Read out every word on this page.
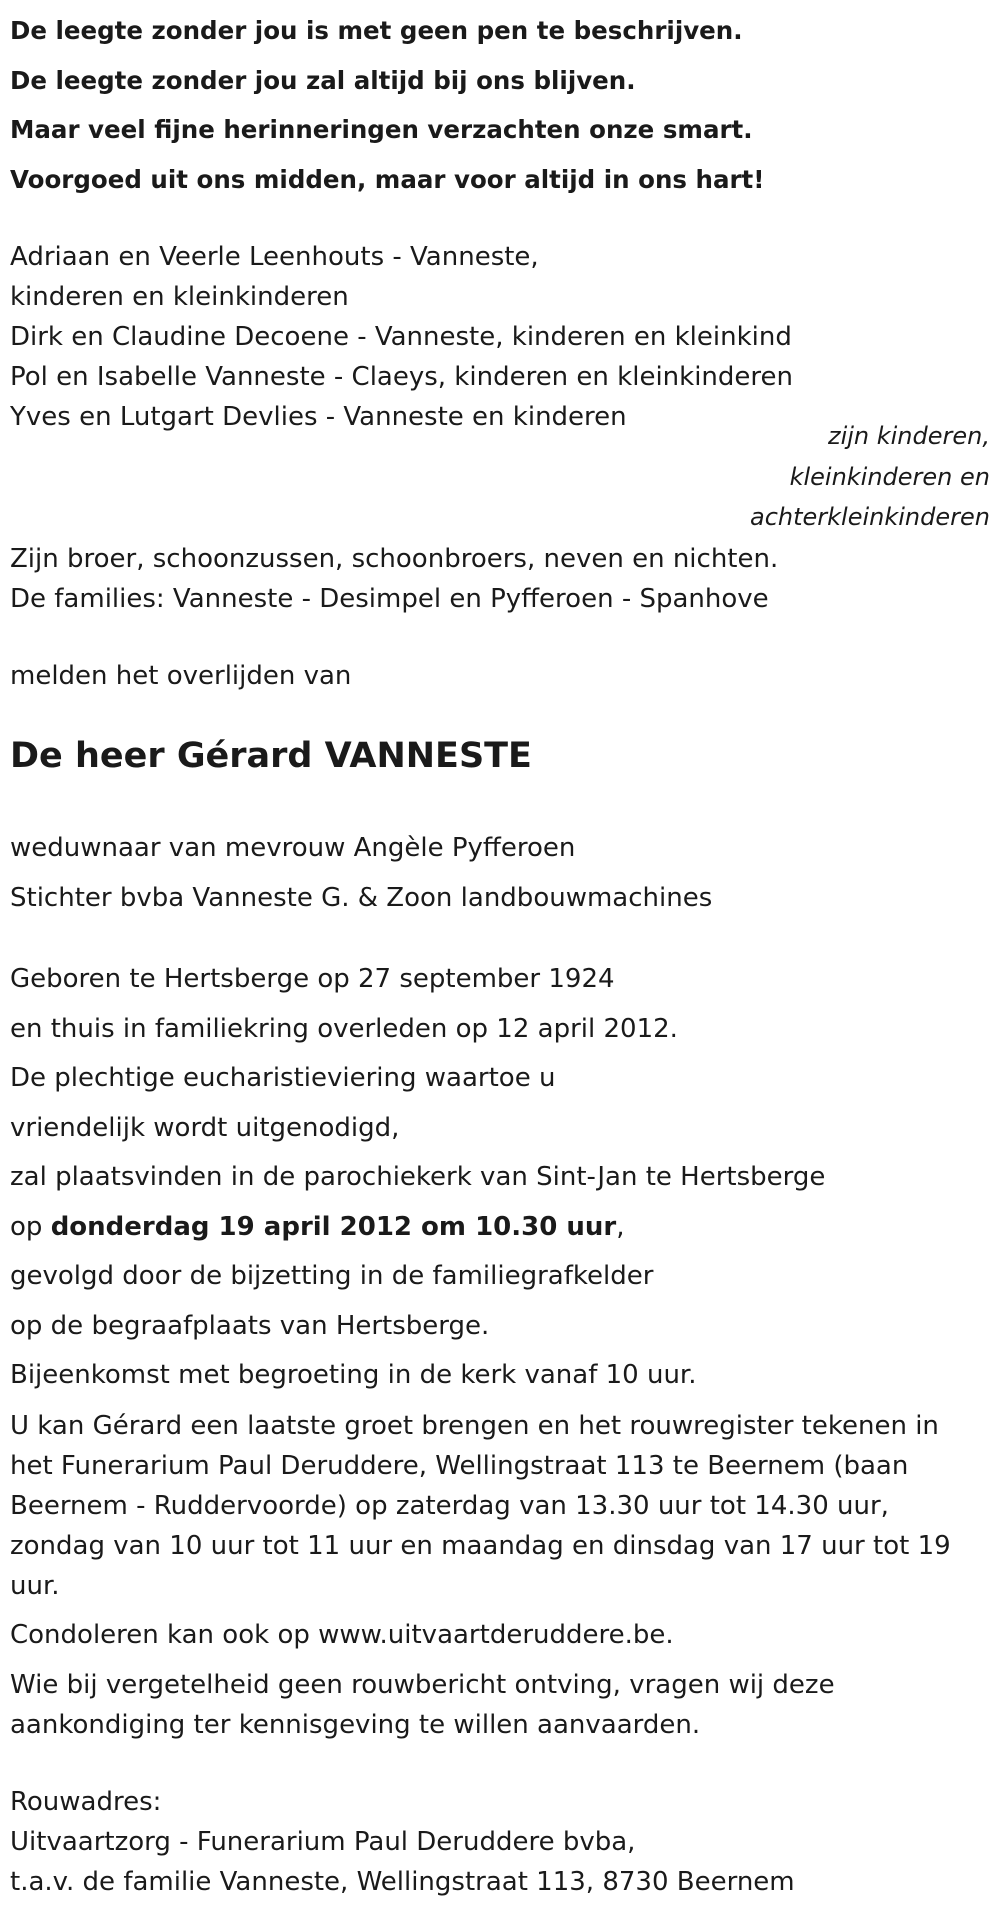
De leegte zonder jou is met geen pen te beschrijven.
De leegte zonder jou zal altijd bij ons blijven.
Maar veel fijne herinneringen verzachten onze smart.
Voorgoed uit ons midden, maar voor altijd in ons hart!
Adriaan en Veerle Leenhouts - Vanneste,
kinderen en kleinkinderen
Dirk en Claudine Decoene - Vanneste, kinderen en kleinkind
Pol en Isabelle Vanneste - Claeys, kinderen en kleinkinderen
Yves en Lutgart Devlies - Vanneste en kinderen
zijn kinderen,
kleinkinderen en
achterkleinkinderen
Zijn broer, schoonzussen, schoonbroers, neven en nichten.
De families: Vanneste - Desimpel en Pyfferoen - Spanhove
melden het overlijden van
De heer Gérard VANNESTE
weduwnaar van mevrouw Angèle Pyfferoen
Stichter bvba Vanneste G. & Zoon landbouwmachines
Geboren te Hertsberge op 27 september 1924
en thuis in familiekring overleden op 12 april 2012.
De plechtige eucharistieviering waartoe u
vriendelijk wordt uitgenodigd,
zal plaatsvinden in de parochiekerk van Sint-Jan te Hertsberge
op donderdag 19 april 2012 om 10.30 uur,
gevolgd door de bijzetting in de familiegrafkelder
op de begraafplaats van Hertsberge.
Bijeenkomst met begroeting in de kerk vanaf 10 uur.
U kan Gérard een laatste groet brengen en het rouwregister tekenen in het Funerarium Paul Deruddere, Wellingstraat 113 te Beernem (baan Beernem - Ruddervoorde) op zaterdag van 13.30 uur tot 14.30 uur, zondag van 10 uur tot 11 uur en maandag en dinsdag van 17 uur tot 19 uur.
Condoleren kan ook op www.uitvaartderuddere.be.
Wie bij vergetelheid geen rouwbericht ontving, vragen wij deze aankondiging ter kennisgeving te willen aanvaarden.
Rouwadres:
Uitvaartzorg - Funerarium Paul Deruddere bvba,
t.a.v. de familie Vanneste, Wellingstraat 113, 8730 Beernem
